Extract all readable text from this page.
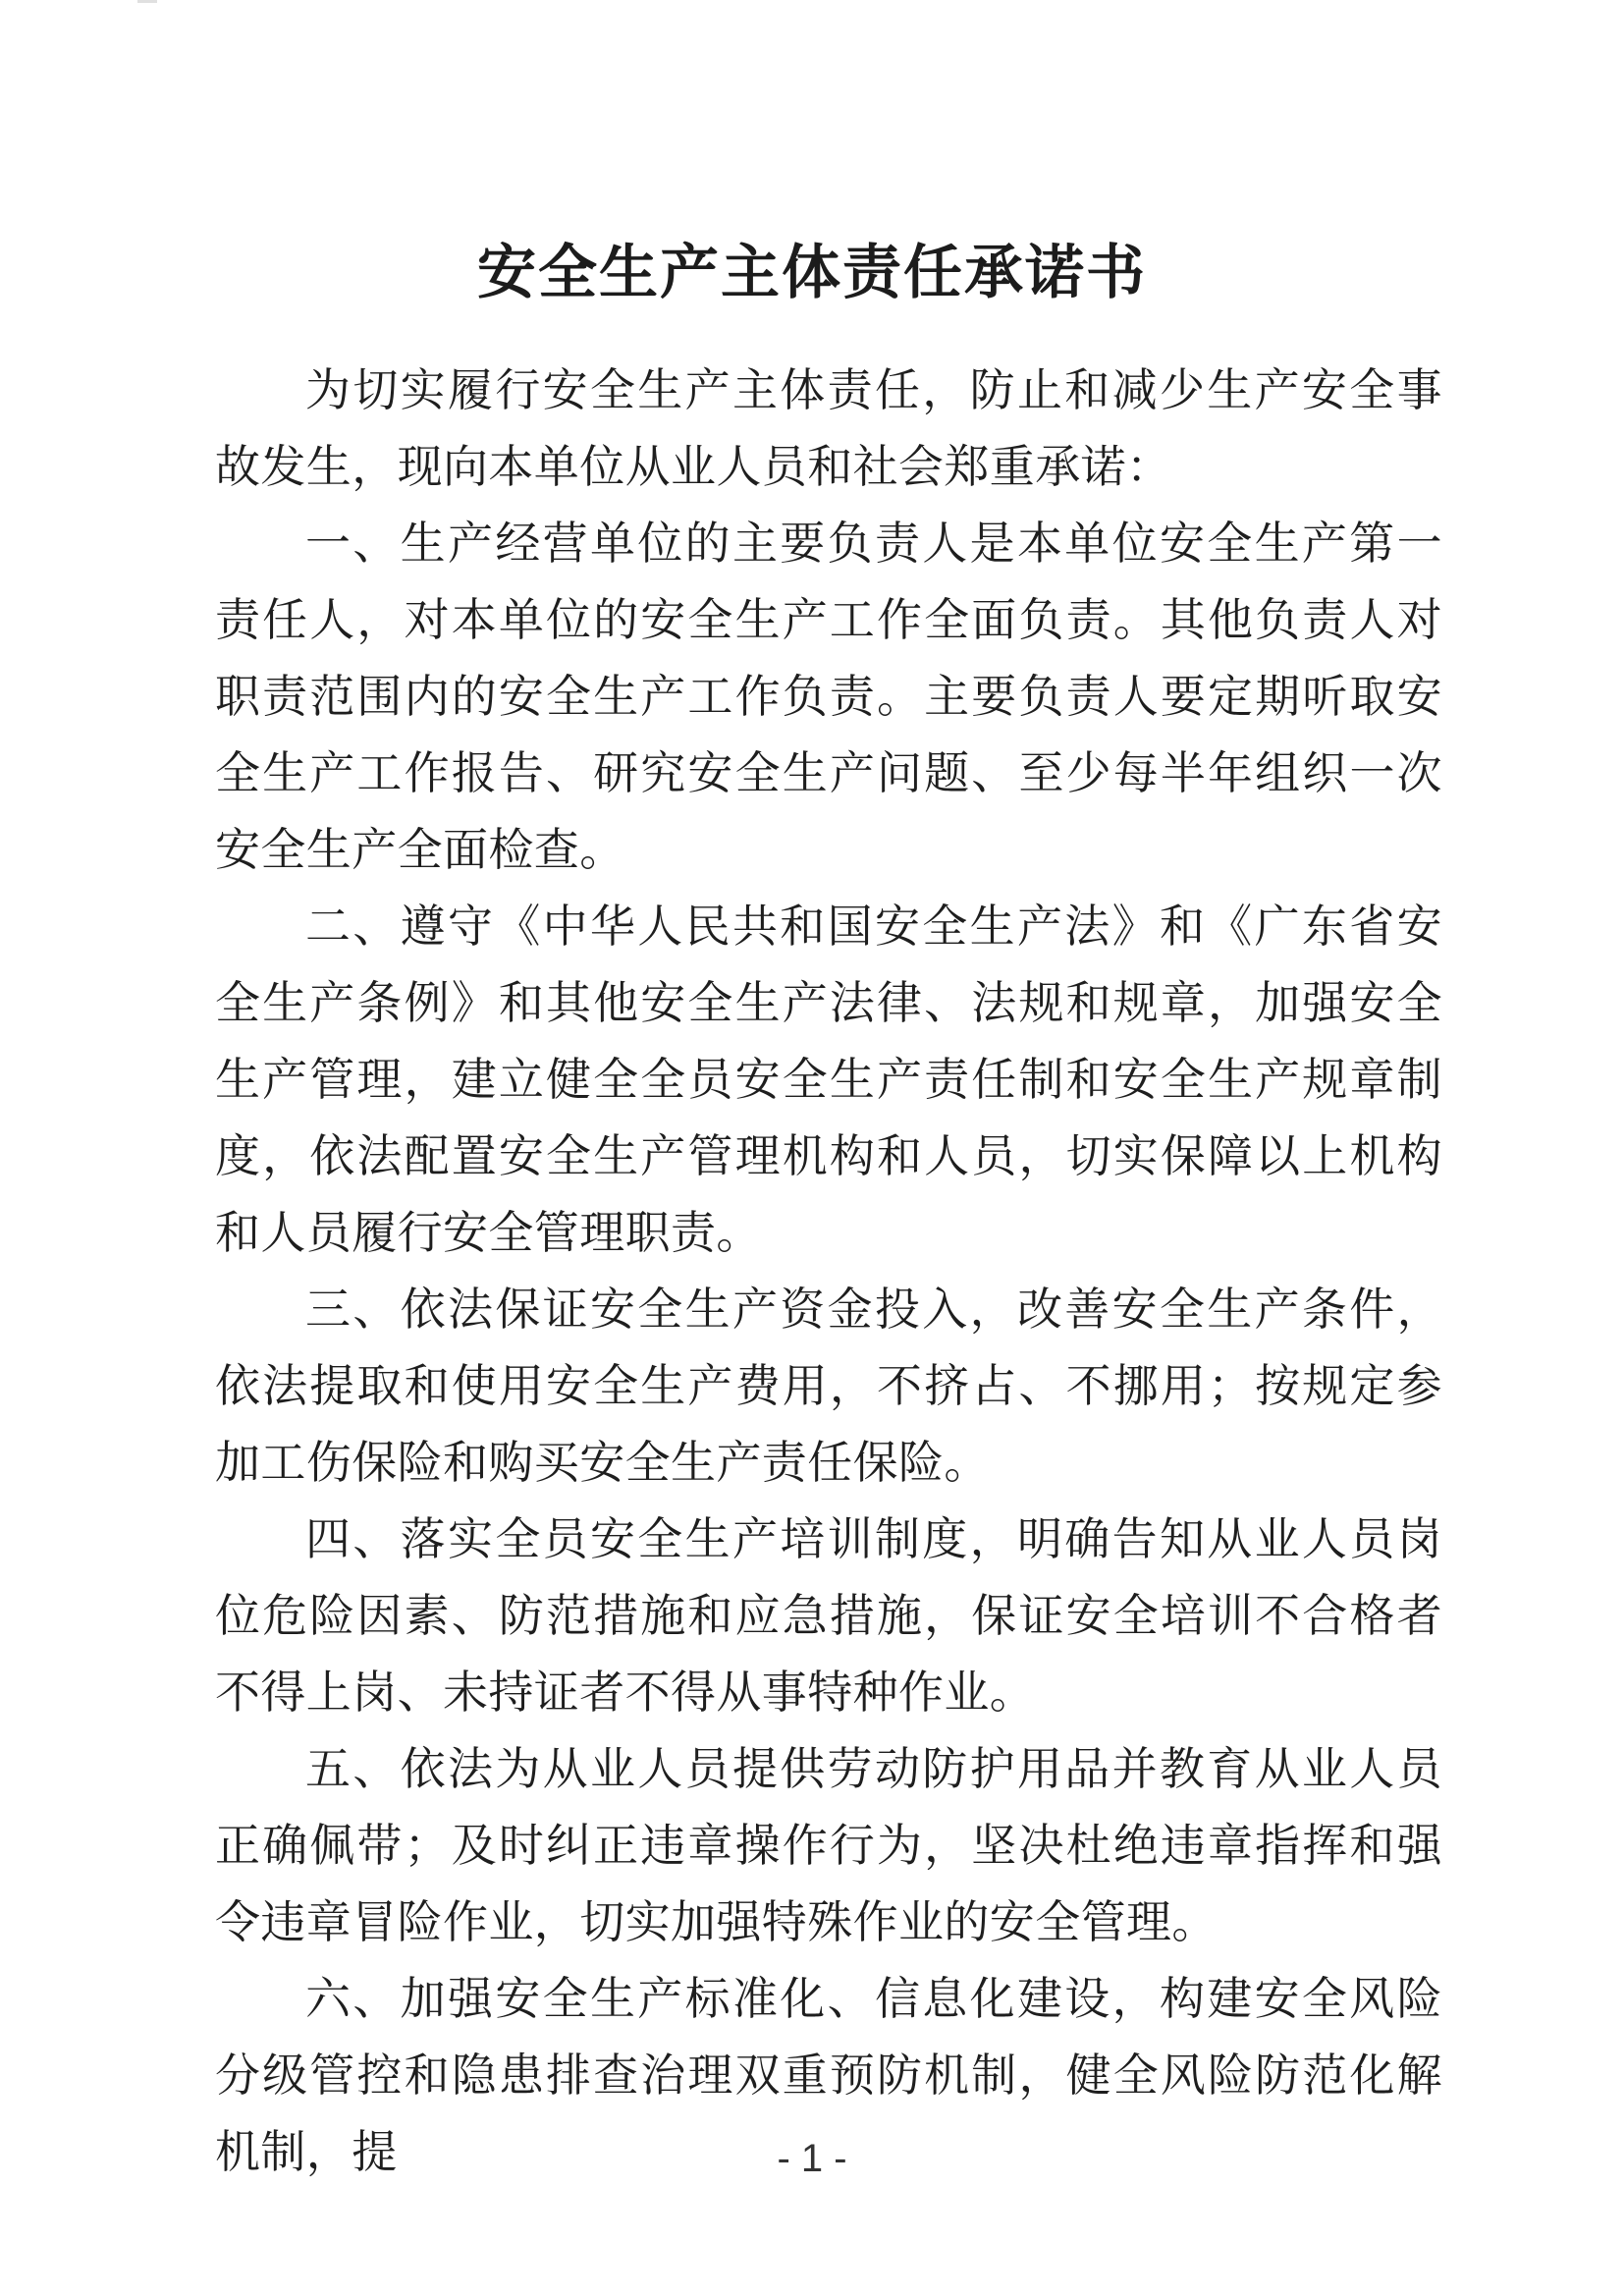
安全生产主体责任承诺书

为切实履行安全生产主体责任，防止和减少生产安全事故发生，现向本单位从业人员和社会郑重承诺：

一、生产经营单位的主要负责人是本单位安全生产第一责任人，对本单位的安全生产工作全面负责。其他负责人对职责范围内的安全生产工作负责。主要负责人要定期听取安全生产工作报告、研究安全生产问题、至少每半年组织一次安全生产全面检查。

二、遵守《中华人民共和国安全生产法》和《广东省安全生产条例》和其他安全生产法律、法规和规章，加强安全生产管理，建立健全全员安全生产责任制和安全生产规章制度，依法配置安全生产管理机构和人员，切实保障以上机构和人员履行安全管理职责。

三、依法保证安全生产资金投入，改善安全生产条件，依法提取和使用安全生产费用，不挤占、不挪用；按规定参加工伤保险和购买安全生产责任保险。

四、落实全员安全生产培训制度，明确告知从业人员岗位危险因素、防范措施和应急措施，保证安全培训不合格者不得上岗、未持证者不得从事特种作业。

五、依法为从业人员提供劳动防护用品并教育从业人员正确佩带；及时纠正违章操作行为，坚决杜绝违章指挥和强令违章冒险作业，切实加强特殊作业的安全管理。

六、加强安全生产标准化、信息化建设，构建安全风险分级管控和隐患排查治理双重预防机制，健全风险防范化解机制，提	- 1 -
